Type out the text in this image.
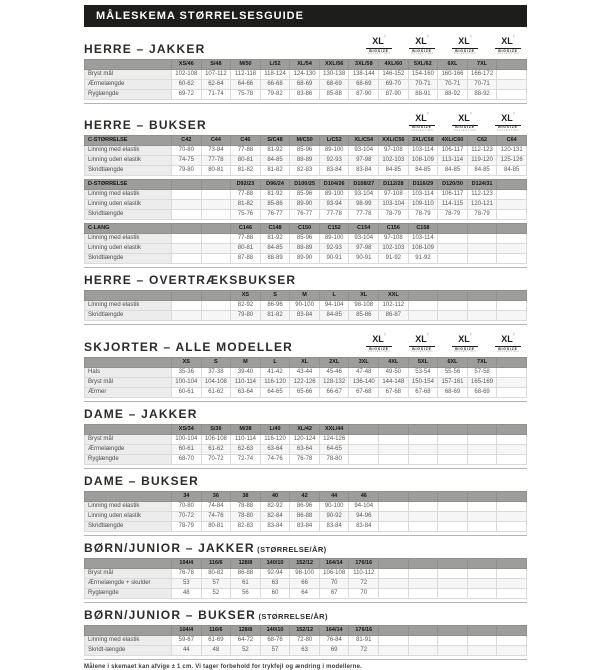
MÅLESKEMA STØRRELSESGUIDE
HERRE – JAKKER
XL◊
BIGSIZE
COLLECTION
XL◊
BIGSIZE
COLLECTION
XL◊
BIGSIZE
COLLECTION
XL◊
BIGSIZE
COLLECTION
	XS/46	S/48	M/50	L/52	XL/54	XXL/56	3XL/58	4XL/60	5XL/62	6XL	7XL	
Bryst mål	102-108	107-112	112-118	118-124	124-130	130-138	138-144	146-152	154-160	160-166	166-172	
Ærmelængde	60-62	62-64	64-66	66-68	68-69	68-69	68-69	69-70	70-71	70-71	70-71	
Ryglængde	69-72	71-74	75-78	79-82	83-86	85-88	87-90	87-90	88-91	88-92	88-92	
HERRE – BUKSER
XL◊
BIGSIZE
COLLECTION
XL◊
BIGSIZE
COLLECTION
XL◊
BIGSIZE
COLLECTION
C-STØRRELSE	C42	C44	C46	S/C48	M/C50	L/C52	XL/C54	XXL/C56	3XL/C58	4XL/C60	C62	C64
Linning med elastik	70-80	73-84	77-88	81-92	85-96	89-100	93-104	97-108	103-114	106-117	112-123	120-131
Linning uden elastik	74-75	77-78	80-81	84-85	88-89	92-93	97-98	102-103	108-109	113-114	119-120	125-126
Skridtlængde	79-80	80-81	81-82	81-82	82-83	83-84	83-84	84-85	84-85	84-85	84-85	84-85
D-STØRRELSE			D92/23	D96/24	D100/25	D104/26	D108/27	D112/28	D116/29	D120/30	D124/31	
Linning med elastik			77-88	81-92	85-96	89-100	93-104	97-108	103-114	106-117	112-123	
Linning uden elastik			81-82	85-86	89-90	93-94	98-99	103-104	109-110	114-115	120-121	
Skridtlængde			75-76	76-77	76-77	77-78	77-78	78-79	78-79	78-79	78-79	
C-LANG			C146	C148	C150	C152	C154	C156	C158			
Linning med elastik			77-88	81-92	85-96	89-100	93-104	97-108	103-114			
Linning uden elastik			80-81	84-85	88-89	92-93	97-98	102-103	108-109			
Skridtlængde			87-88	88-89	89-90	90-91	90-91	91-92	91-92			
HERRE – OVERTRÆKSBUKSER
			XS	S	M	L	XL	XXL				
Linning med elastik			82-92	86-96	90-100	94-104	98-108	102-112				
Skridtlængde			79-80	81-82	83-84	84-85	85-86	86-87				
SKJORTER – ALLE MODELLER
XL◊
BIGSIZE
COLLECTION
XL◊
BIGSIZE
COLLECTION
XL◊
BIGSIZE
COLLECTION
XL◊
BIGSIZE
COLLECTION
	XS	S	M	L	XL	2XL	3XL	4XL	5XL	6XL	7XL	
Hals	35-36	37-38	39-40	41-42	43-44	45-46	47-48	49-50	53-54	55-56	57-58	
Bryst mål	100-104	104-108	110-114	116-120	122-126	128-132	136-140	144-148	150-154	157-161	165-169	
Ærmer	60-61	61-62	63-64	64-65	65-66	66-67	67-68	67-68	67-68	68-69	68-69	
DAME – JAKKER
	XS/34	S/36	M/38	L/40	XL/42	XXL/44						
Bryst mål	100-104	106-108	110-114	116-120	120-124	124-126						
Ærmelængde	60-61	61-62	62-63	63-64	63-64	64-65						
Ryglængde	68-70	70-72	72-74	74-76	76-78	78-80						
DAME – BUKSER
	34	36	38	40	42	44	46					
Linning med elastik	70-80	74-84	78-88	82-92	86-96	90-100	94-104					
Linning uden elastik	70-72	74-76	78-80	82-84	86-88	90-92	94-96					
Skridtlængde	78-79	80-81	82-83	83-84	83-84	83-84	83-84					
BØRN/JUNIOR – JAKKER (STØRRELSE/ÅR)
	104/4	116/6	128/8	140/10	152/12	164/14	176/16					
Bryst mål	76-78	80-82	86-88	92-94	98-100	106-108	110-112					
Ærmelængde + skulder	53	57	61	63	66	70	72					
Ryglængde	48	52	56	60	64	67	70					
BØRN/JUNIOR – BUKSER (STØRRELSE/ÅR)
	104/4	116/6	128/8	140/10	152/12	164/14	176/16					
Linning med elastik	59-67	61-69	64-72	68-76	72-80	76-84	81-91					
Skridt-længde	44	48	52	57	63	69	72					
Målene i skemaet kan afvige ± 1 cm. Vi tager forbehold for trykfejl og ændring i modellerne.
